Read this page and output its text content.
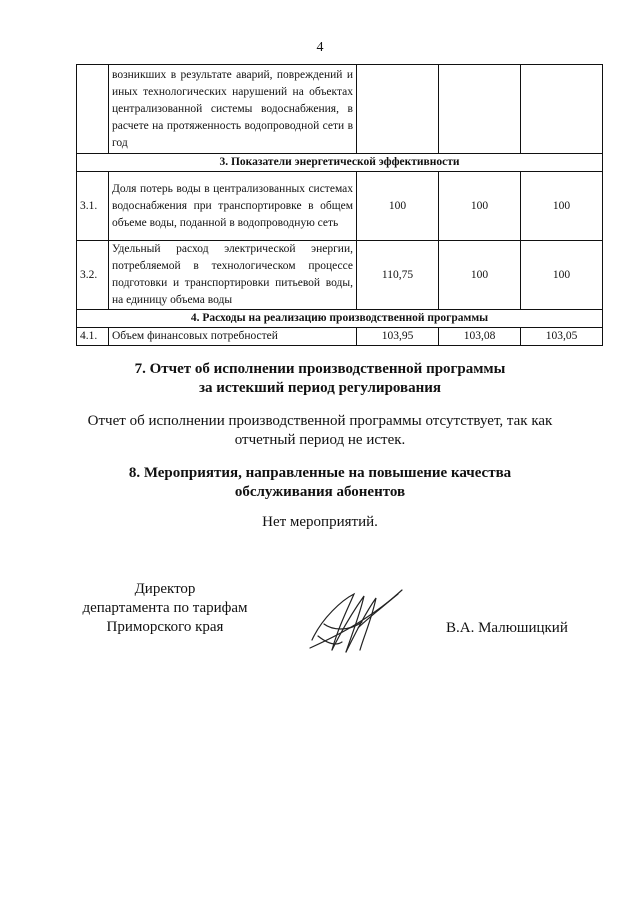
4
	возникших в результате аварий, повреждений и иных технологических нарушений на объектах централизованной системы водоснабжения, в расчете на протяженность водопроводной сети в год			
3. Показатели энергетической эффективности				
3.1.	Доля потерь воды в централизованных системах водоснабжения при транспортировке в общем объеме воды, поданной в водопроводную сеть	100	100	100
3.2.	Удельный расход электрической энергии, потребляемой в технологическом процессе подготовки и транспортировки питьевой воды, на единицу объема воды	110,75	100	100
4. Расходы на реализацию производственной программы				
4.1.	Объем финансовых потребностей	103,95	103,08	103,05
7. Отчет об исполнении производственной программы
за истекший период регулирования
Отчет об исполнении производственной программы отсутствует, так как
отчетный период не истек.
8. Мероприятия, направленные на повышение качества
обслуживания абонентов
Нет мероприятий.
Директор
департамента по тарифам
Приморского края	В.А. Малюшицкий
